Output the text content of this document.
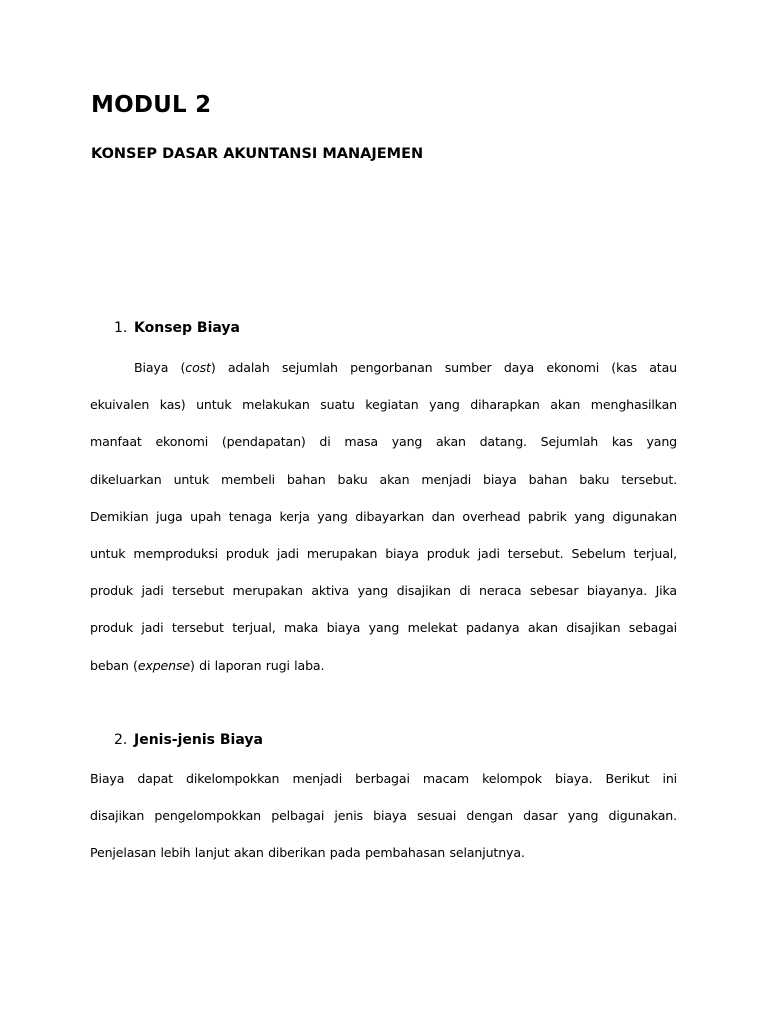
MODUL 2
KONSEP DASAR AKUNTANSI MANAJEMEN
1. Konsep Biaya
Biaya (cost) adalah sejumlah pengorbanan sumber daya ekonomi (kas atau
ekuivalen kas) untuk melakukan suatu kegiatan yang diharapkan akan menghasilkan
manfaat ekonomi (pendapatan) di masa yang akan datang. Sejumlah kas yang
dikeluarkan untuk membeli bahan baku akan menjadi biaya bahan baku tersebut.
Demikian juga upah tenaga kerja yang dibayarkan dan overhead pabrik yang digunakan
untuk memproduksi produk jadi merupakan biaya produk jadi tersebut. Sebelum terjual,
produk jadi tersebut merupakan aktiva yang disajikan di neraca sebesar biayanya. Jika
produk jadi tersebut terjual, maka biaya yang melekat padanya akan disajikan sebagai
beban (expense) di laporan rugi laba.
2. Jenis-jenis Biaya
Biaya dapat dikelompokkan menjadi berbagai macam kelompok biaya. Berikut ini
disajikan pengelompokkan pelbagai jenis biaya sesuai dengan dasar yang digunakan.
Penjelasan lebih lanjut akan diberikan pada pembahasan selanjutnya.
